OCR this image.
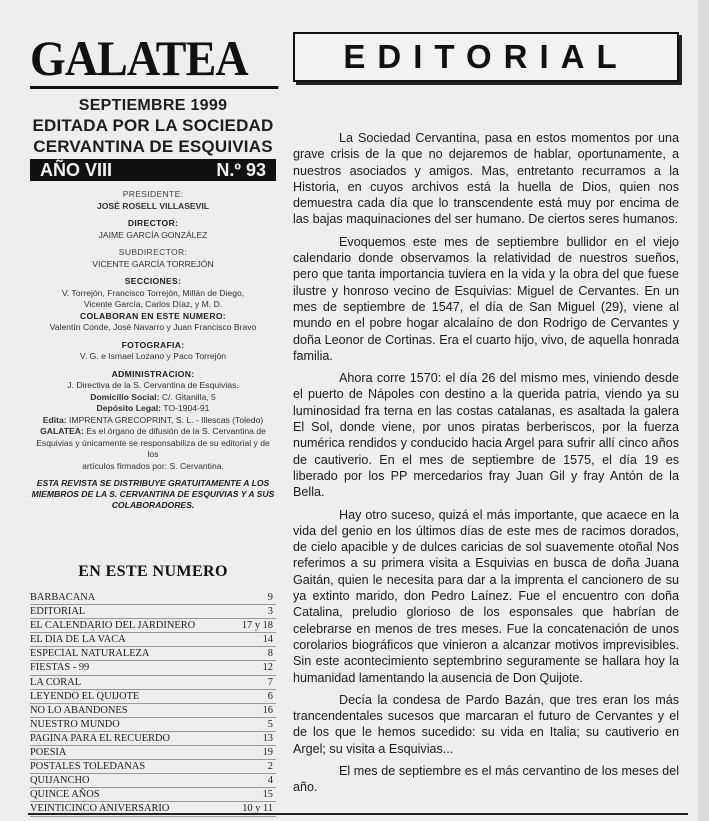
GALATEA
SEPTIEMBRE 1999
EDITADA POR LA SOCIEDAD
CERVANTINA DE ESQUIVIAS
AÑO VIII	N.º 93
PRESIDENTE:
JOSÉ ROSELL VILLASEVIL
DIRECTOR:
JAIME GARCÍA GONZÁLEZ
SUBDIRECTOR:
VICENTE GARCÍA TORREJÓN
SECCIONES:
V. Torrejón, Francisco Torrejón, Millán de Diego,
Vicente García, Carlos Díaz, y M. D.
COLABORAN EN ESTE NUMERO:
Valentín Conde, José Navarro y Juan Francisco Bravo
FOTOGRAFIA:
V. G. e Ismael Lozano y Paco Torrejón
ADMINISTRACION:
J. Directiva de la S. Cervantina de Esquivias.
Domicilio Social: C/. Gitanilla, 5
Depósito Legal: TO-1904-91
Edita: IMPRENTA GRECOPRINT, S. L. - Illescas (Toledo)
GALATEA: Es el órgano de difusión de la S. Cervantina de
Esquivias y únicamente se responsabiliza de su editorial y de los
artículos firmados por: S. Cervantina.
ESTA REVISTA SE DISTRIBUYE GRATUITAMENTE A LOS
MIEMBROS DE LA S. CERVANTINA DE ESQUIVIAS Y A SUS
COLABORADORES.
EN ESTE NUMERO
BARBACANA	9
EDITORIAL	3
EL CALENDARIO DEL JARDINERO	17 y 18
EL DIA DE LA VACA	14
ESPECIAL NATURALEZA	8
FIESTAS - 99	12
LA CORAL	7
LEYENDO EL QUIJOTE	6
NO LO ABANDONES	16
NUESTRO MUNDO	5
PAGINA PARA EL RECUERDO	13
POESIA	19
POSTALES TOLEDANAS	2
QUIJANCHO	4
QUINCE AÑOS	15
VEINTICINCO ANIVERSARIO	10 y 11
EDITORIAL

La Sociedad Cervantina, pasa en estos momentos por una grave crisis de la que no dejaremos de hablar, oportunamente, a nuestros asociados y amigos. Mas, entretanto recurramos a la Historia, en cuyos archivos está la huella de Dios, quien nos demuestra cada día que lo transcendente está muy por encima de las bajas maquinaciones del ser humano. De ciertos seres humanos.

Evoquemos este mes de septiembre bullidor en el viejo calendario donde observamos la relatividad de nuestros sueños, pero que tanta importancia tuviera en la vida y la obra del que fuese ilustre y honroso vecino de Esquivias: Miguel de Cervantes. En un mes de septiembre de 1547, el día de San Miguel (29), viene al mundo en el pobre hogar alcalaíno de don Rodrigo de Cervantes y doña Leonor de Cortinas. Era el cuarto hijo, vivo, de aquella honrada familia.

Ahora corre 1570: el día 26 del mismo mes, viniendo desde el puerto de Nápoles con destino a la querida patria, viendo ya su luminosidad fra terna en las costas catalanas, es asaltada la galera El Sol, donde viene, por unos piratas berberiscos, por la fuerza numérica rendidos y conducido hacia Argel para sufrir allí cinco años de cautiverio. En el mes de septiembre de 1575, el día 19 es liberado por los PP mercedarios fray Juan Gil y fray Antón de la Bella.

Hay otro suceso, quizá el más importante, que acaece en la vida del genio en los últimos días de este mes de racimos dorados, de cielo apacible y de dulces caricias de sol suavemente otoñal Nos referimos a su primera visita a Esquivias en busca de doña Juana Gaitán, quien le necesita para dar a la imprenta el cancionero de su ya extinto marido, don Pedro Laínez. Fue el encuentro con doña Catalina, preludio glorioso de los esponsales que habrían de celebrarse en menos de tres meses. Fue la concatenación de unos corolarios biográficos que vinieron a alcanzar motivos imprevisibles. Sin este acontecimiento septembrino seguramente se hallara hoy la humanidad lamentando la ausencia de Don Quijote.

Decía la condesa de Pardo Bazán, que tres eran los más trancendentales sucesos que marcaran el futuro de Cervantes y el de los que le hemos sucedido: su vida en Italia; su cautiverio en Argel; su visita a Esquivias...

El mes de septiembre es el más cervantino de los meses del año.
